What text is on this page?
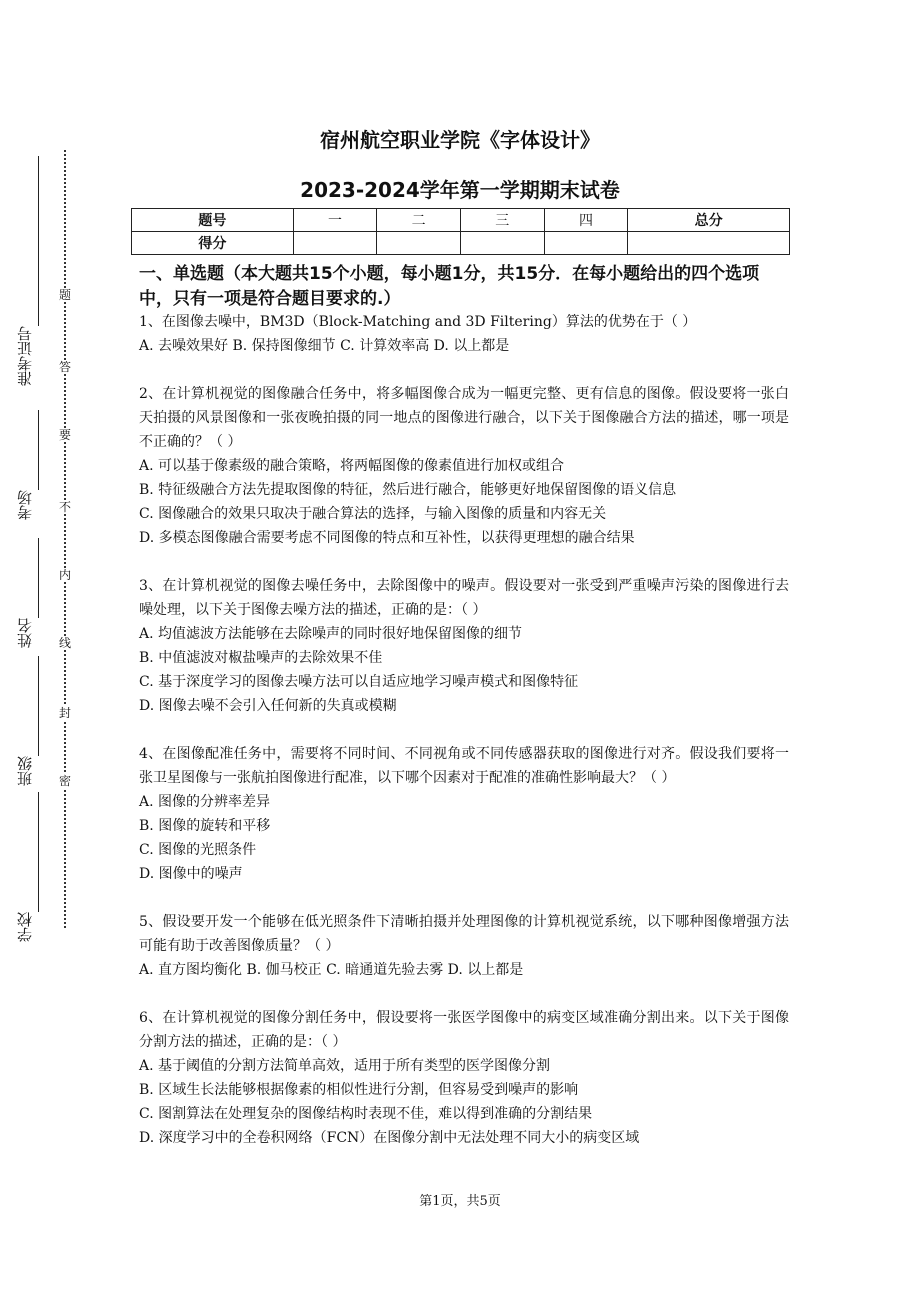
题
答
要
不
内
线
封
密
准考证号
考场
姓名
班级
学校
宿州航空职业学院《字体设计》
2023-2024学年第一学期期末试卷
题号	一	二	三	四	总分
得分					
一、单选题（本大题共15个小题，每小题1分，共15分．在每小题给出的四个选项中，只有一项是符合题目要求的.）
1、在图像去噪中，BM3D（Block-Matching and 3D Filtering）算法的优势在于（ ）
A. 去噪效果好 B. 保持图像细节 C. 计算效率高 D. 以上都是
2、在计算机视觉的图像融合任务中，将多幅图像合成为一幅更完整、更有信息的图像。假设要将一张白天拍摄的风景图像和一张夜晚拍摄的同一地点的图像进行融合，以下关于图像融合方法的描述，哪一项是不正确的？（ ）
A. 可以基于像素级的融合策略，将两幅图像的像素值进行加权或组合
B. 特征级融合方法先提取图像的特征，然后进行融合，能够更好地保留图像的语义信息
C. 图像融合的效果只取决于融合算法的选择，与输入图像的质量和内容无关
D. 多模态图像融合需要考虑不同图像的特点和互补性，以获得更理想的融合结果
3、在计算机视觉的图像去噪任务中，去除图像中的噪声。假设要对一张受到严重噪声污染的图像进行去噪处理，以下关于图像去噪方法的描述，正确的是：（ ）
A. 均值滤波方法能够在去除噪声的同时很好地保留图像的细节
B. 中值滤波对椒盐噪声的去除效果不佳
C. 基于深度学习的图像去噪方法可以自适应地学习噪声模式和图像特征
D. 图像去噪不会引入任何新的失真或模糊
4、在图像配准任务中，需要将不同时间、不同视角或不同传感器获取的图像进行对齐。假设我们要将一张卫星图像与一张航拍图像进行配准，以下哪个因素对于配准的准确性影响最大？（ ）
A. 图像的分辨率差异
B. 图像的旋转和平移
C. 图像的光照条件
D. 图像中的噪声
5、假设要开发一个能够在低光照条件下清晰拍摄并处理图像的计算机视觉系统，以下哪种图像增强方法可能有助于改善图像质量？（ ）
A. 直方图均衡化 B. 伽马校正 C. 暗通道先验去雾 D. 以上都是
6、在计算机视觉的图像分割任务中，假设要将一张医学图像中的病变区域准确分割出来。以下关于图像分割方法的描述，正确的是：（ ）
A. 基于阈值的分割方法简单高效，适用于所有类型的医学图像分割
B. 区域生长法能够根据像素的相似性进行分割，但容易受到噪声的影响
C. 图割算法在处理复杂的图像结构时表现不佳，难以得到准确的分割结果
D. 深度学习中的全卷积网络（FCN）在图像分割中无法处理不同大小的病变区域
第1页，共5页
